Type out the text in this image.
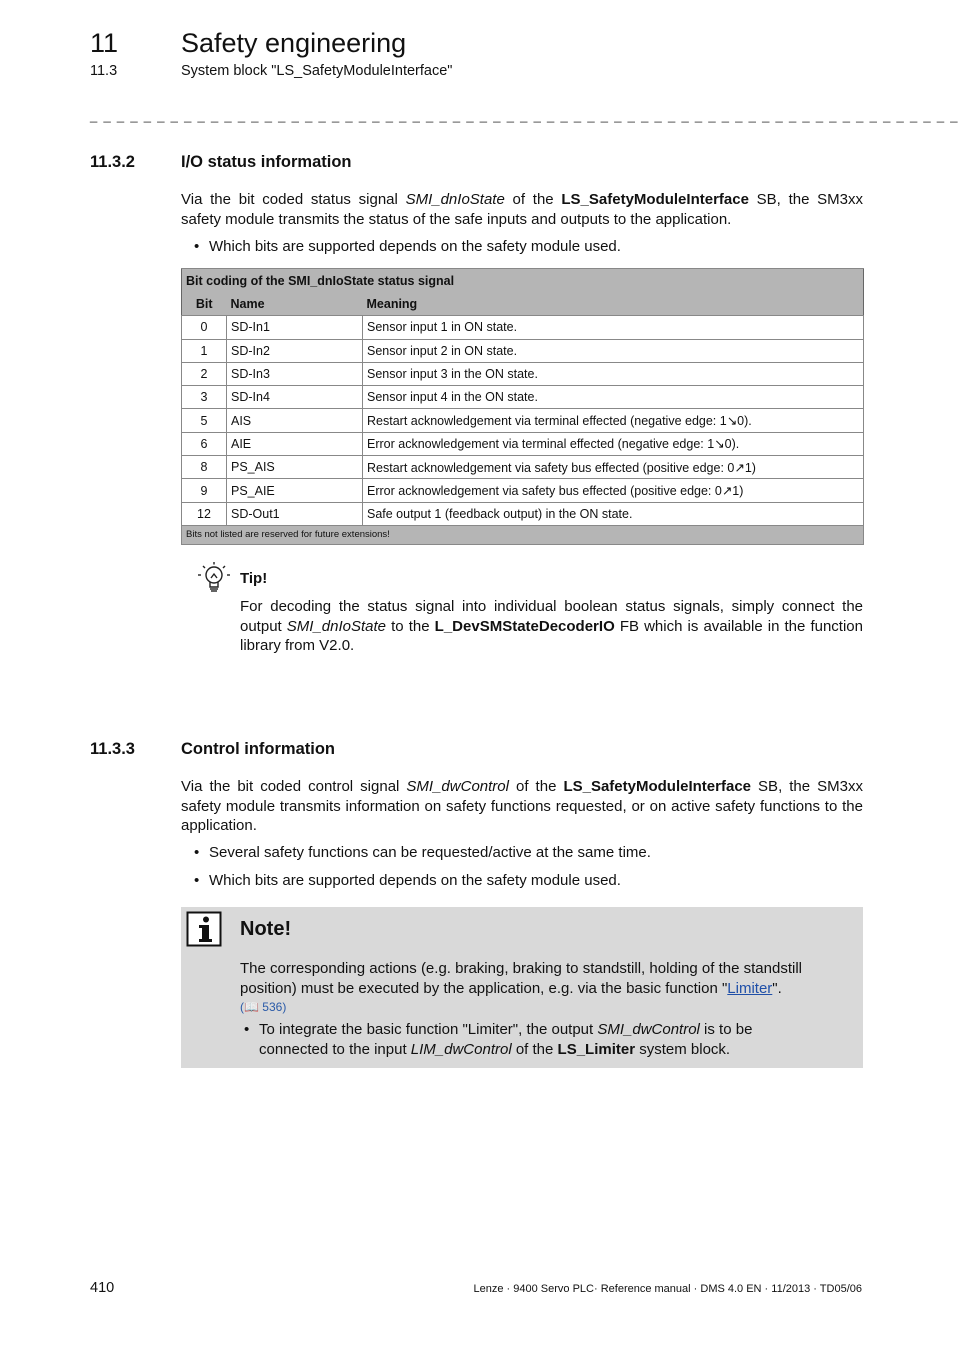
11 Safety engineering
11.3	System block "LS_SafetyModuleInterface"
_ _ _ _ _ _ _ _ _ _ _ _ _ _ _ _ _ _ _ _ _ _ _ _ _ _ _ _ _ _ _ _ _ _ _ _ _ _ _ _ _ _ _ _ _ _ _ _ _ _ _ _ _ _ _ _ _ _ _ _ _ _ _ _ _
11.3.2	I/O status information
Via the bit coded status signal SMI_dnIoState of the LS_SafetyModuleInterface SB, the SM3xx safety module transmits the status of the safe inputs and outputs to the application.
• Which bits are supported depends on the safety module used.
Bit coding of the SMI_dnIoState status signal		
Bit	Name	Meaning
0	SD-In1	Sensor input 1 in ON state.
1	SD-In2	Sensor input 2 in ON state.
2	SD-In3	Sensor input 3 in the ON state.
3	SD-In4	Sensor input 4 in the ON state.
5	AIS	Restart acknowledgement via terminal effected (negative edge: 1↘0).
6	AIE	Error acknowledgement via terminal effected (negative edge: 1↘0).
8	PS_AIS	Restart acknowledgement via safety bus effected (positive edge: 0↗1)
9	PS_AIE	Error acknowledgement via safety bus effected (positive edge: 0↗1)
12	SD-Out1	Safe output 1 (feedback output) in the ON state.
Bits not listed are reserved for future extensions!		
Tip!
For decoding the status signal into individual boolean status signals, simply connect the output SMI_dnIoState to the L_DevSMStateDecoderIO FB which is available in the function library from V2.0.
11.3.3	Control information
Via the bit coded control signal SMI_dwControl of the LS_SafetyModuleInterface SB, the SM3xx safety module transmits information on safety functions requested, or on active safety functions to the application.
• Several safety functions can be requested/active at the same time.
• Which bits are supported depends on the safety module used.
Note!
The corresponding actions (e.g. braking, braking to standstill, holding of the standstill position) must be executed by the application, e.g. via the basic function "Limiter".
(📖 536)
• To integrate the basic function "Limiter", the output SMI_dwControl is to be connected to the input LIM_dwControl of the LS_Limiter system block.
410	Lenze · 9400 Servo PLC· Reference manual · DMS 4.0 EN · 11/2013 · TD05/06
